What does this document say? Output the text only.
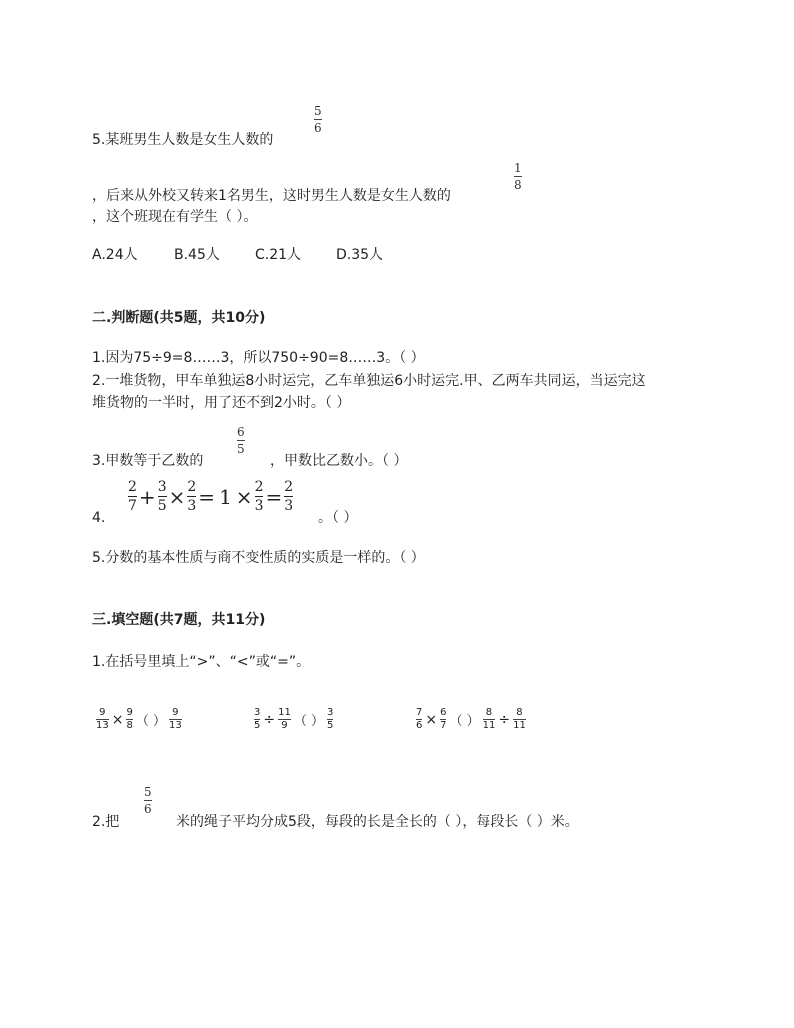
5.某班男生人数是女生人数的
5
6
，后来从外校又转来1名男生，这时男生人数是女生人数的
1
8
，这个班现在有学生（ ）。
A.24人	B.45人	C.21人 D.35人
二.判断题(共5题，共10分)
1.因为75÷9=8……3，所以750÷90=8……3。（ ）
2.一堆货物，甲车单独运8小时运完，乙车单独运6小时运完.甲、乙两车共同运，当运完这
堆货物的一半时，用了还不到2小时。（ ）
3.甲数等于乙数的
6
5
，甲数比乙数小。（ ）
4.
2
7 + 3
5 × 2
3 = 1 × 2
3 = 2
3
。（ ）
5.分数的基本性质与商不变性质的实质是一样的。（ ）
三.填空题(共7题，共11分)
1.在括号里填上“>”、“<”或“=”。
9
13 × 9
8 （ ）
9
13
3
5 ÷ 11
9 （ ）
3
5
7
6 × 6
7 （ ）
8
11 ÷ 8
11
2.把
5
6
米的绳子平均分成5段，每段的长是全长的（ ），每段长（ ）米。
